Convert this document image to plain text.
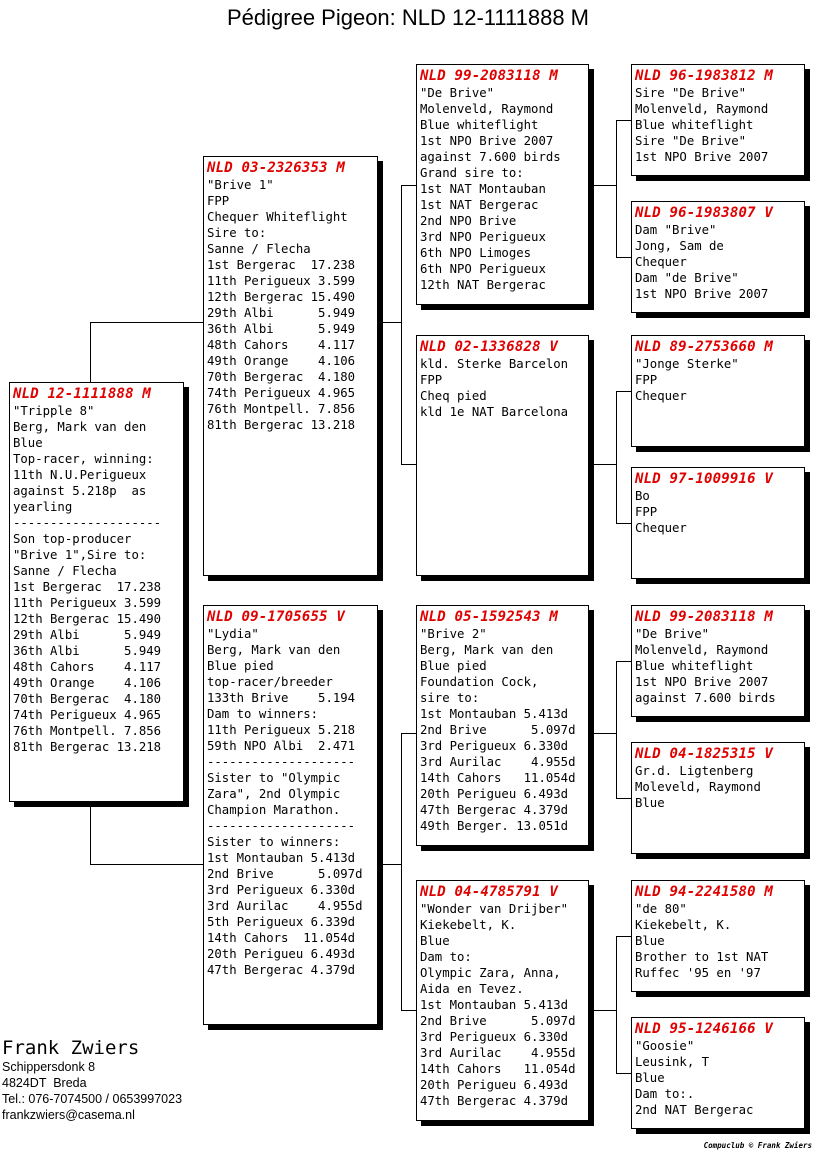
Pédigree Pigeon: NLD 12-1111888 M
NLD 12-1111888 M
"Tripple 8"
Berg, Mark van den
Blue
Top-racer, winning:
11th N.U.Perigueux
against 5.218p  as
yearling
--------------------
Son top-producer
"Brive 1",Sire to:
Sanne / Flecha
1st Bergerac  17.238
11th Perigueux 3.599
12th Bergerac 15.490
29th Albi      5.949
36th Albi      5.949
48th Cahors    4.117
49th Orange    4.106
70th Bergerac  4.180
74th Perigueux 4.965
76th Montpell. 7.856
81th Bergerac 13.218
NLD 03-2326353 M
"Brive 1"
FPP
Chequer Whiteflight
Sire to:
Sanne / Flecha
1st Bergerac  17.238
11th Perigueux 3.599
12th Bergerac 15.490
29th Albi      5.949
36th Albi      5.949
48th Cahors    4.117
49th Orange    4.106
70th Bergerac  4.180
74th Perigueux 4.965
76th Montpell. 7.856
81th Bergerac 13.218
NLD 09-1705655 V
"Lydia"
Berg, Mark van den
Blue pied
top-racer/breeder
133th Brive    5.194
Dam to winners:
11th Perigueux 5.218
59th NPO Albi  2.471
--------------------
Sister to "Olympic
Zara", 2nd Olympic
Champion Marathon.
--------------------
Sister to winners:
1st Montauban 5.413d
2nd Brive      5.097d
3rd Perigueux 6.330d
3rd Aurilac    4.955d
5th Perigueux 6.339d
14th Cahors  11.054d
20th Perigueu 6.493d
47th Bergerac 4.379d
NLD 99-2083118 M
"De Brive"
Molenveld, Raymond
Blue whiteflight
1st NPO Brive 2007
against 7.600 birds
Grand sire to:
1st NAT Montauban
1st NAT Bergerac
2nd NPO Brive
3rd NPO Perigueux
6th NPO Limoges
6th NPO Perigueux
12th NAT Bergerac
NLD 02-1336828 V
kld. Sterke Barcelon
FPP
Cheq pied
kld 1e NAT Barcelona
NLD 05-1592543 M
"Brive 2"
Berg, Mark van den
Blue pied
Foundation Cock,
sire to:
1st Montauban 5.413d
2nd Brive      5.097d
3rd Perigueux 6.330d
3rd Aurilac    4.955d
14th Cahors   11.054d
20th Perigueu 6.493d
47th Bergerac 4.379d
49th Berger. 13.051d
NLD 04-4785791 V
"Wonder van Drijber"
Kiekebelt, K.
Blue
Dam to:
Olympic Zara, Anna,
Aida en Tevez.
1st Montauban 5.413d
2nd Brive      5.097d
3rd Perigueux 6.330d
3rd Aurilac    4.955d
14th Cahors   11.054d
20th Perigueu 6.493d
47th Bergerac 4.379d
NLD 96-1983812 M
Sire "De Brive"
Molenveld, Raymond
Blue whiteflight
Sire "De Brive"
1st NPO Brive 2007
NLD 96-1983807 V
Dam "Brive"
Jong, Sam de
Chequer
Dam "de Brive"
1st NPO Brive 2007
NLD 89-2753660 M
"Jonge Sterke"
FPP
Chequer
NLD 97-1009916 V
Bo
FPP
Chequer
NLD 99-2083118 M
"De Brive"
Molenveld, Raymond
Blue whiteflight
1st NPO Brive 2007
against 7.600 birds
NLD 04-1825315 V
Gr.d. Ligtenberg
Moleveld, Raymond
Blue
NLD 94-2241580 M
"de 80"
Kiekebelt, K.
Blue
Brother to 1st NAT
Ruffec '95 en '97
NLD 95-1246166 V
"Goosie"
Leusink, T
Blue
Dam to:.
2nd NAT Bergerac
Frank Zwiers
Schippersdonk 8
4824DT  Breda
Tel.: 076-7074500 / 0653997023
frankzwiers@casema.nl
Compuclub © Frank Zwiers
